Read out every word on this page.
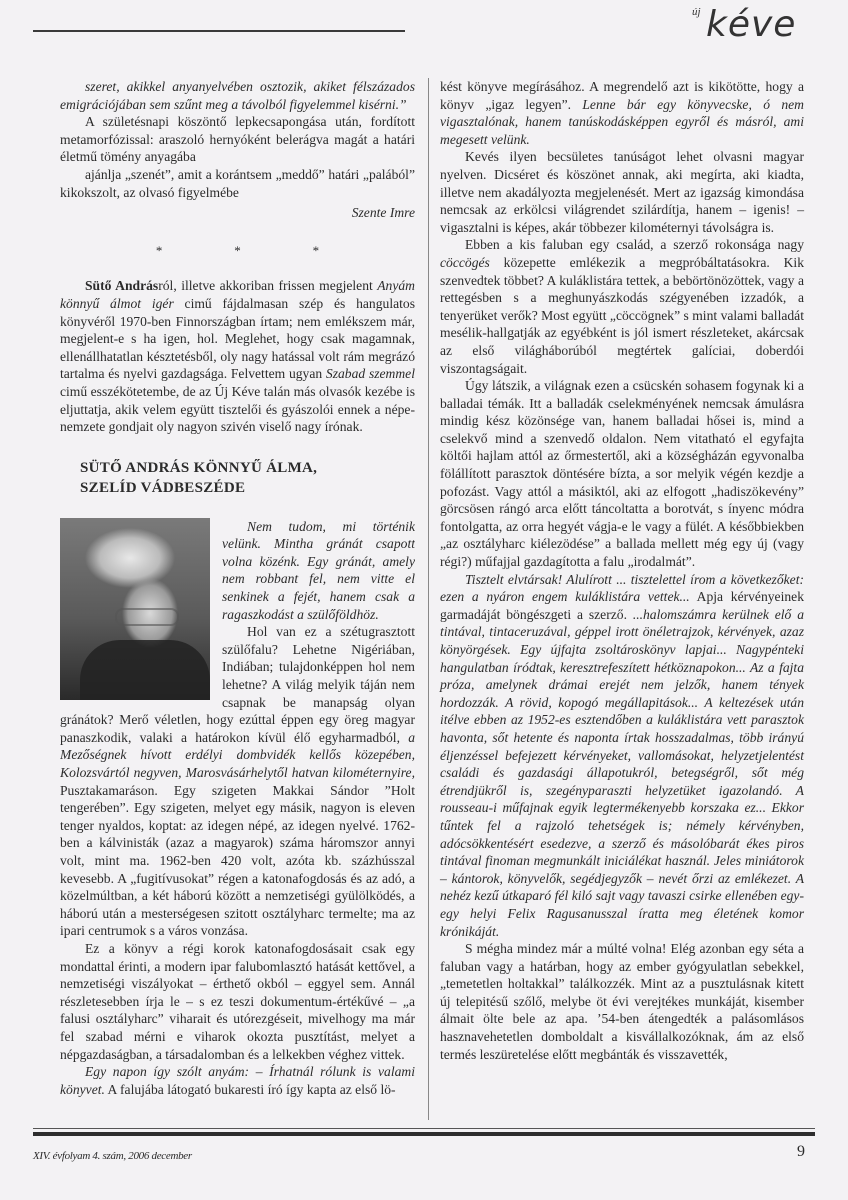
új kéve

szeret, akikkel anyanyelvében osztozik, akiket félszázados emigrációjában sem szűnt meg a távolból figyelemmel kisérni.”

A születésnapi köszöntő lepkecsapongása után, fordított metamorfózissal: araszoló hernyóként belerágva magát a határi életmű tömény anyagába

ajánlja „szenét”, amit a korántsem „meddő” határi „palából” kikokszolt, az olvasó figyelmébe

Szente Imre
*	*	*

Sütő Andrásról, illetve akkoriban frissen megjelent Anyám könnyű álmot igér cimű fájdalmasan szép és hangulatos könyvéről 1970-ben Finnországban írtam; nem emlékszem már, megjelent-e s ha igen, hol. Meglehet, hogy csak magamnak, ellenállhatatlan késztetésből, oly nagy hatással volt rám megrázó tartalma és nyelvi gazdagsága. Felvettem ugyan Szabad szemmel cimű esszékötetembe, de az Új Kéve talán más olvasók kezébe is eljuttatja, akik velem együtt tisztelői és gyászolói ennek a népe-nemzete gondjait oly nagyon szivén viselő nagy írónak.

SÜTŐ ANDRÁS KÖNNYŰ ÁLMA,
SZELÍD VÁDBESZÉDE

Nem tudom, mi történik velünk. Mintha gránát csapott volna közénk. Egy gránát, amely nem robbant fel, nem vitte el senkinek a fejét, hanem csak a ragaszkodást a szülőföldhöz.

Hol van ez a szétugrasztott szülőfalu? Lehetne Nigériában, Indiában; tulajdonképpen hol nem lehetne? A világ melyik táján nem csapnak be manapság olyan gránátok? Merő véletlen, hogy ezúttal éppen egy öreg magyar panaszkodik, valaki a határokon kívül élő egyharmadból, a Mezőségnek hívott erdélyi dombvidék kellős közepében, Kolozsvártól negyven, Marosvásárhelytől hatvan kilométernyire, Pusztakamaráson. Egy szigeten Makkai Sándor ”Holt tengerében”. Egy szigeten, melyet egy másik, nagyon is eleven tenger nyaldos, koptat: az idegen népé, az idegen nyelvé. 1762-ben a kálvinisták (azaz a magyarok) száma háromszor annyi volt, mint ma. 1962-ben 420 volt, azóta kb. százhússzal kevesebb. A „fugitívusokat” régen a katonafogdosás és az adó, a közelmúltban, a két háború között a nemzetiségi gyülölködés, a háború után a mesterségesen szitott osztályharc termelte; ma az ipari centrumok s a város vonzása.

Ez a könyv a régi korok katonafogdosásait csak egy mondattal érinti, a modern ipar falubomlasztó hatását kettővel, a nemzetiségi viszályokat – érthető okból – eggyel sem. Annál részletesebben írja le – s ez teszi dokumentum-értékűvé – „a falusi osztályharc” viharait és utórezgéseit, mivelhogy ma már fel szabad mérni e viharok okozta pusztítást, melyet a népgazdaságban, a társadalomban és a lelkekben véghez vittek.

Egy napon így szólt anyám: – Írhatnál rólunk is valami könyvet. A falujába látogató bukaresti író így kapta az első lö-

kést könyve megírásához. A megrendelő azt is kikötötte, hogy a könyv „igaz legyen”. Lenne bár egy könyvecske, ó nem vigasztalónak, hanem tanúskodásképpen egyről és másról, ami megesett velünk.

Kevés ilyen becsületes tanúságot lehet olvasni magyar nyelven. Dicséret és köszönet annak, aki megírta, aki kiadta, illetve nem akadályozta megjelenését. Mert az igazság kimondása nemcsak az erkölcsi világrendet szilárdítja, hanem – igenis! – vigasztalni is képes, akár többezer kilométernyi távolságra is.

Ebben a kis faluban egy család, a szerző rokonsága nagy cöccögés közepette emlékezik a megpróbáltatásokra. Kik szenvedtek többet? A kuláklistára tettek, a bebörtönözöttek, vagy a rettegésben s a meghunyászkodás szégyenében izzadók, a tenyerüket verők? Most együtt „cöccögnek” s mint valami balladát mesélik-hallgatják az egyébként is jól ismert részleteket, akárcsak az első világháborúból megtértek galíciai, doberdói viszontagságait.

Úgy látszik, a világnak ezen a csücskén sohasem fogynak ki a balladai témák. Itt a balladák cselekményének nemcsak ámulásra mindig kész közönsége van, hanem balladai hősei is, mind a cselekvő mind a szenvedő oldalon. Nem vitatható el egyfajta költői hajlam attól az őrmestertől, aki a községházán egyvonalba fölállított parasztok döntésére bízta, a sor melyik végén kezdje a pofozást. Vagy attól a másiktól, aki az elfogott „hadiszökevény” görcsösen rángó arca előtt táncoltatta a borotvát, s ínyenc módra fontolgatta, az orra hegyét vágja-e le vagy a fülét. A későbbiekben „az osztályharc kiélezödése” a ballada mellett még egy új (vagy régi?) műfajjal gazdagította a falu „irodalmát”.

Tisztelt elvtársak! Alulírott ... tisztelettel írom a következőket: ezen a nyáron engem kuláklistára vettek... Apja kérvényeinek garmadáját böngészgeti a szerző. ...halomszámra kerülnek elő a tintával, tintaceruzával, géppel irott önéletrajzok, kérvények, azaz könyörgések. Egy újfajta zsoltároskönyv lapjai... Nagypénteki hangulatban íródtak, keresztrefeszített hétköznapokon... Az a fajta próza, amelynek drámai erejét nem jelzők, hanem tények hordozzák. A rövid, kopogó megállapitások... A keltezések után itélve ebben az 1952-es esztendőben a kuláklistára vett parasztok havonta, sőt hetente és naponta írtak hosszadalmas, több irányú éljenzéssel befejezett kérvényeket, vallomásokat, helyzetjelentést családi és gazdasági állapotukról, betegségről, sőt még étrendjükről is, szegényparaszti helyzetüket igazolandó. A rousseau-i műfajnak egyik legtermékenyebb korszaka ez... Ekkor tűntek fel a rajzoló tehetségek is; némely kérvényben, adócsökkentésért esedezve, a szerző és másolóbarát ékes piros tintával finoman megmunkált iniciálékat használ. Jeles miniátorok – kántorok, könyvelők, segédjegyzők – nevét őrzi az emlékezet. A nehéz kezű útkaparó fél kiló sajt vagy tavaszi csirke ellenében egy-egy helyi Felix Ragusanusszal íratta meg életének komor krónikáját.

S mégha mindez már a múlté volna! Elég azonban egy séta a faluban vagy a határban, hogy az ember gyógyulatlan sebekkel, „temetetlen holtakkal” találkozzék. Mint az a pusztulásnak kitett új telepitésű szőlő, melybe öt évi verejtékes munkáját, kisember álmait ölte bele az apa. ’54-ben átengedték a palásomlásos hasznavehetetlen domboldalt a kisvállalkozóknak, ám az első termés leszüretelése előtt megbánták és visszavették,

XIV. évfolyam 4. szám, 2006 december	9
